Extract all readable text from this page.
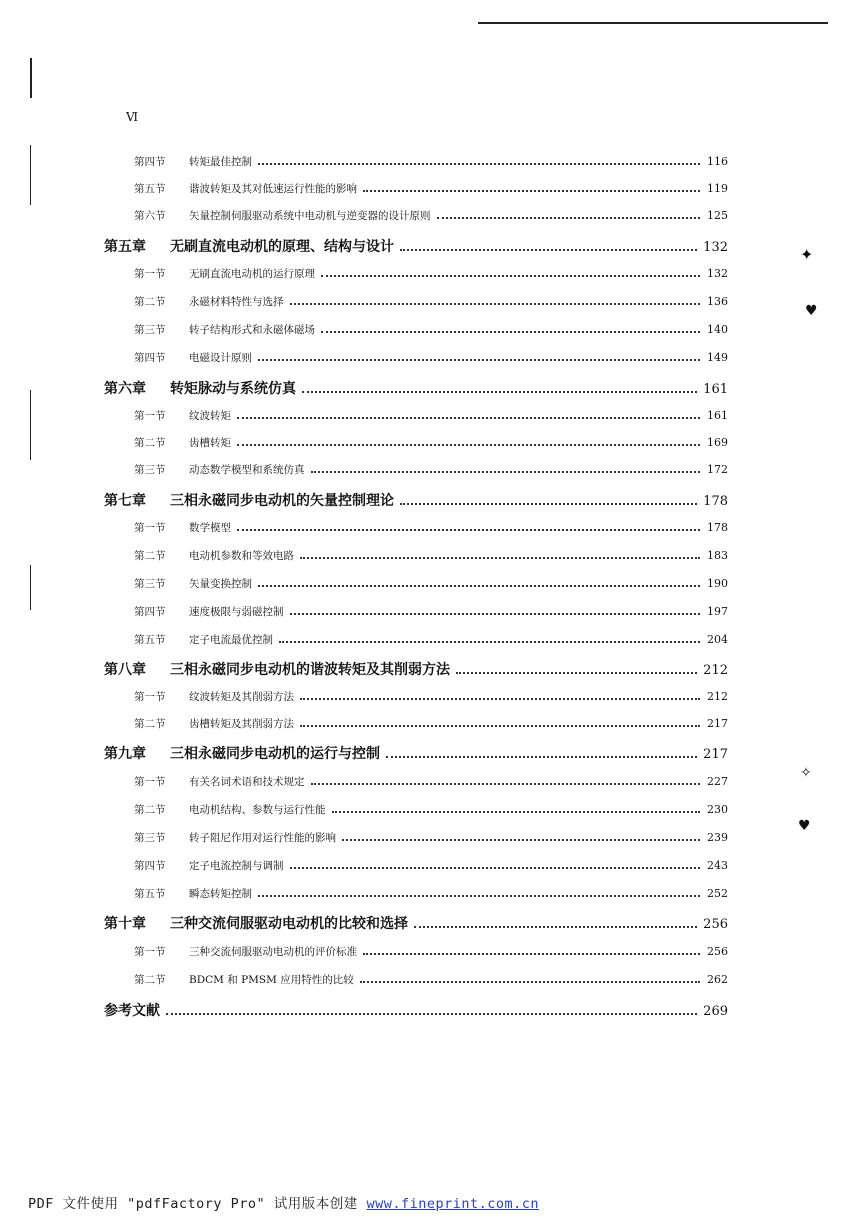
✦
♥
✧
♥
Ⅵ
第四节	转矩最佳控制	116
第五节	谐波转矩及其对低速运行性能的影响	119
第六节	矢量控制伺服驱动系统中电动机与逆变器的设计原则	125
第五章	无刷直流电动机的原理、结构与设计	132
第一节	无刷直流电动机的运行原理	132
第二节	永磁材料特性与选择	136
第三节	转子结构形式和永磁体磁场	140
第四节	电磁设计原则	149
第六章	转矩脉动与系统仿真	161
第一节	纹波转矩	161
第二节	齿槽转矩	169
第三节	动态数学模型和系统仿真	172
第七章	三相永磁同步电动机的矢量控制理论	178
第一节	数学模型	178
第二节	电动机参数和等效电路	183
第三节	矢量变换控制	190
第四节	速度极限与弱磁控制	197
第五节	定子电流最优控制	204
第八章	三相永磁同步电动机的谐波转矩及其削弱方法	212
第一节	纹波转矩及其削弱方法	212
第二节	齿槽转矩及其削弱方法	217
第九章	三相永磁同步电动机的运行与控制	217
第一节	有关名词术语和技术规定	227
第二节	电动机结构、参数与运行性能	230
第三节	转子阻尼作用对运行性能的影响	239
第四节	定子电流控制与调制	243
第五节	瞬态转矩控制	252
第十章	三种交流伺服驱动电动机的比较和选择	256
第一节	三种交流伺服驱动电动机的评价标准	256
第二节	BDCM 和 PMSM 应用特性的比较	262
参考文献	269
PDF 文件使用 "pdfFactory Pro" 试用版本创建 www.fineprint.com.cn
